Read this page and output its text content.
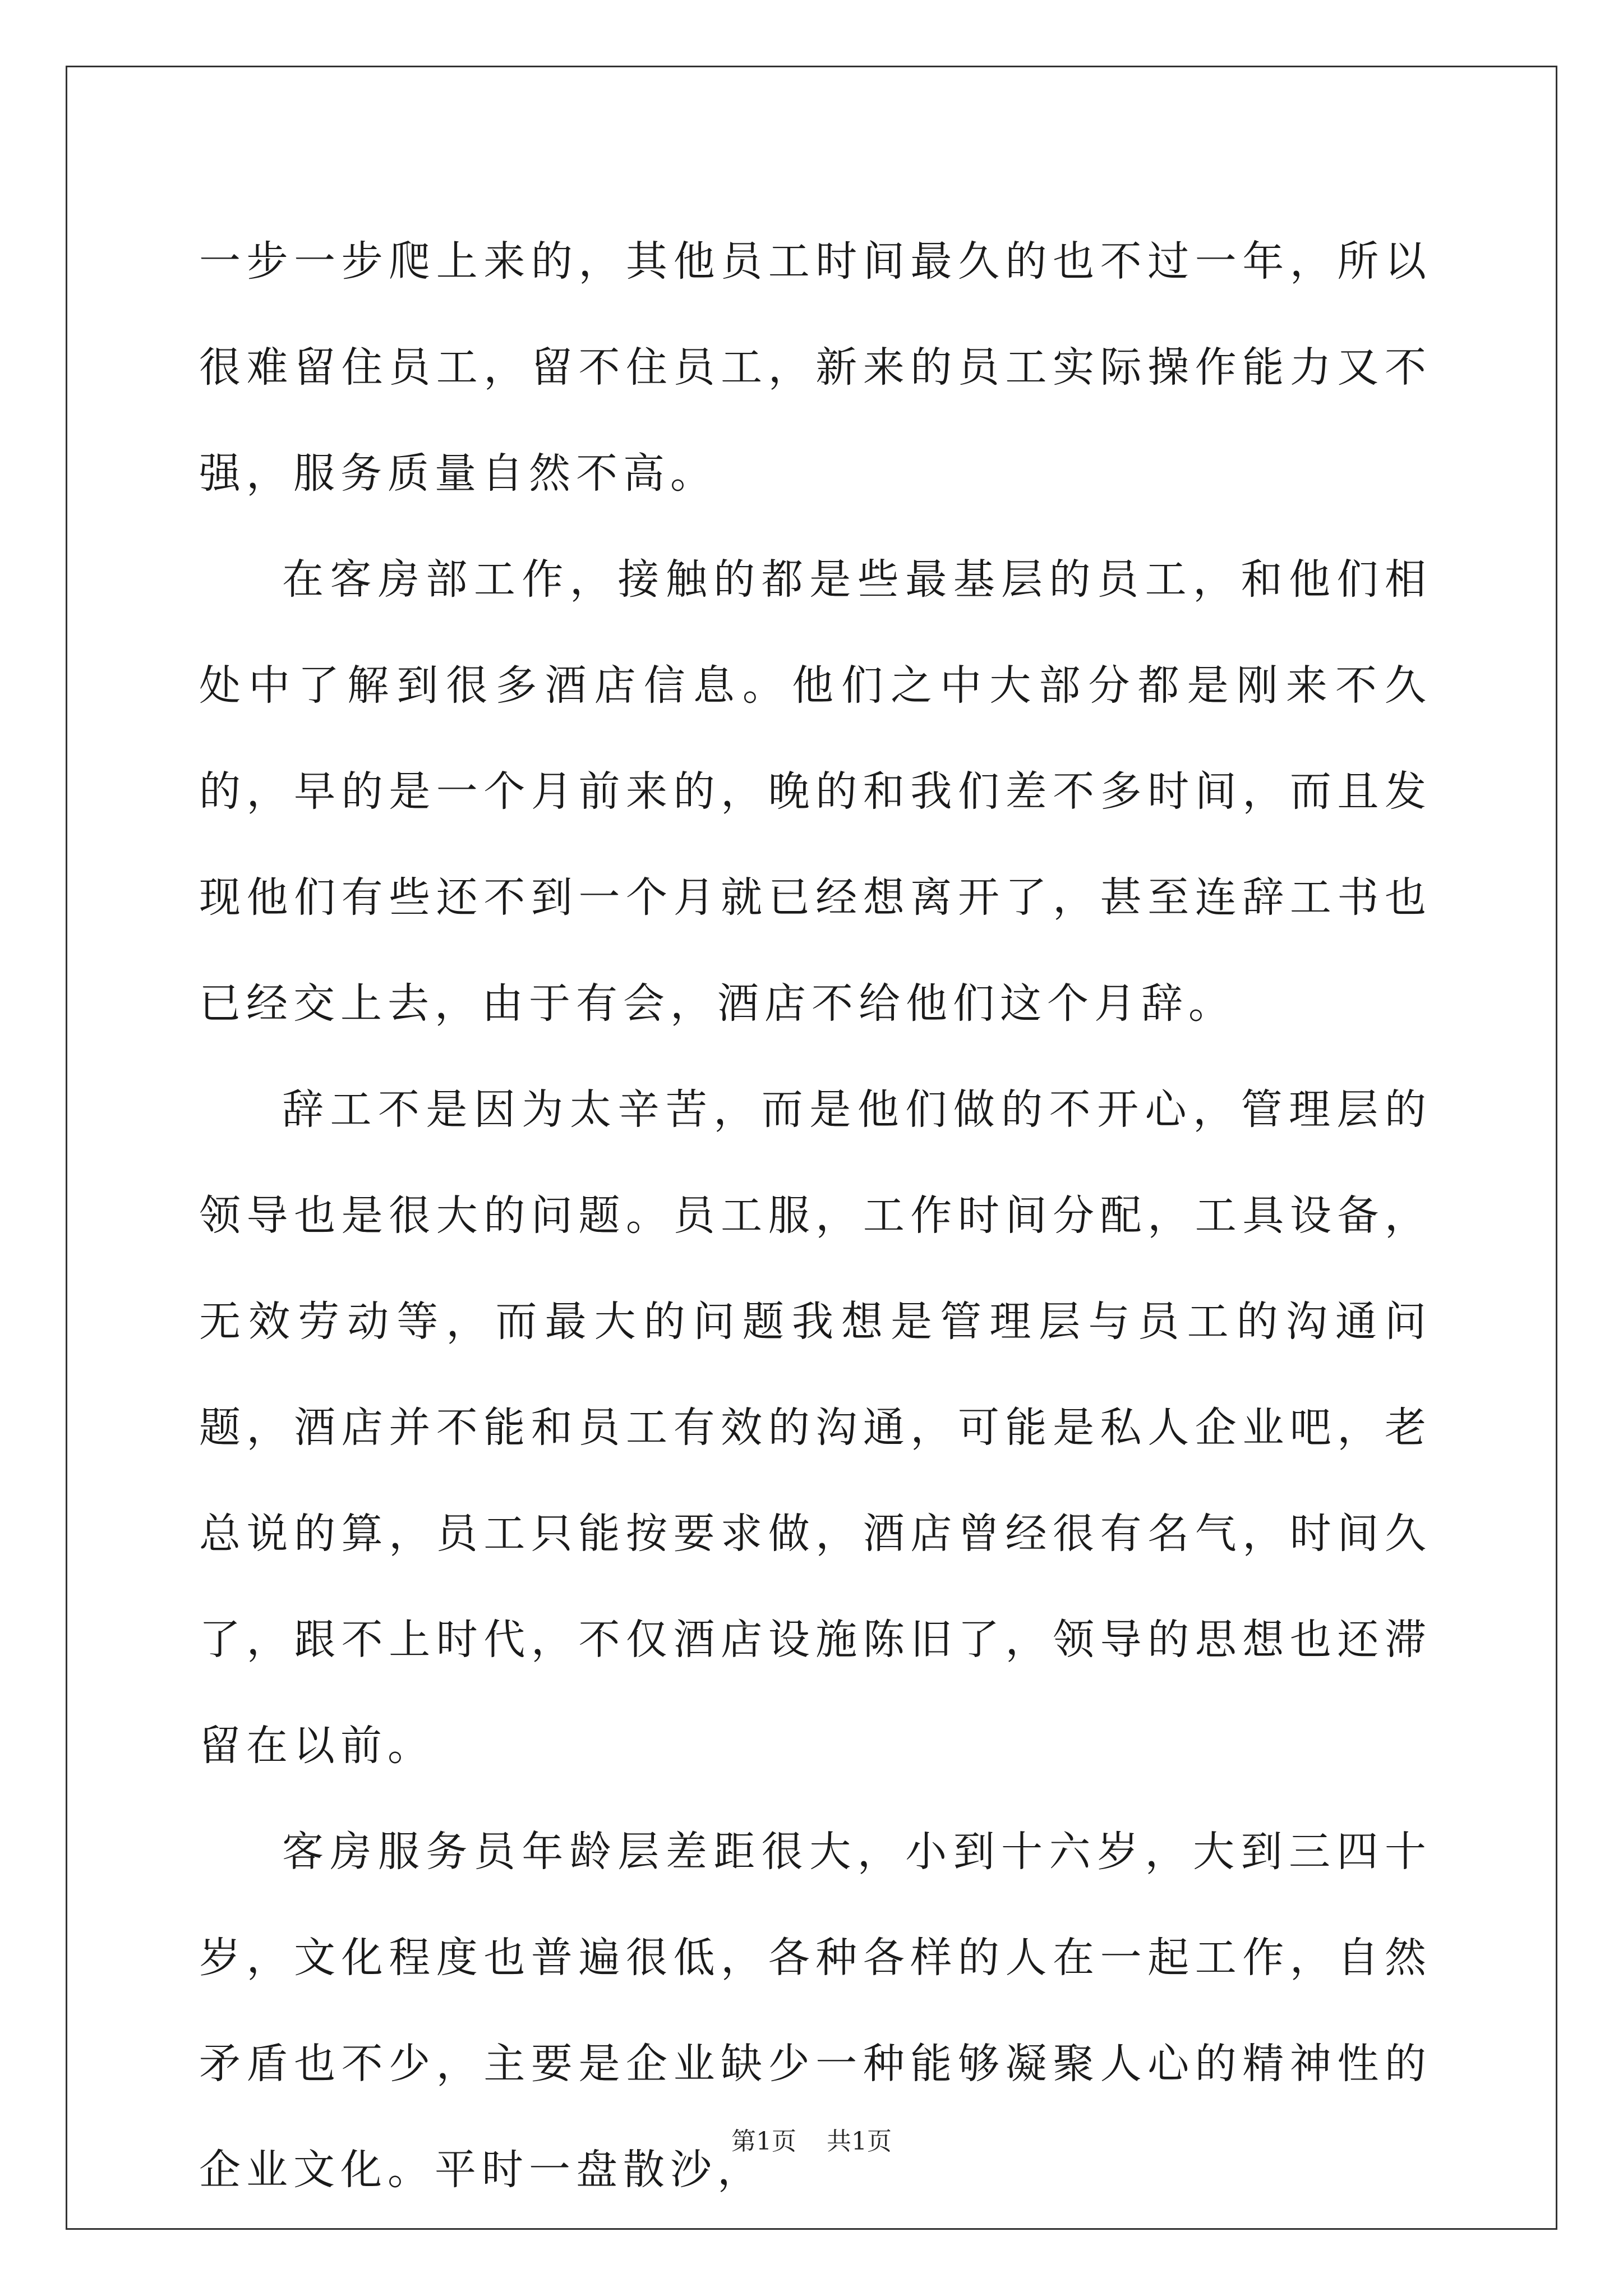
一步一步爬上来的，其他员工时间最久的也不过一年，所以很难留住员工，留不住员工，新来的员工实际操作能力又不强，服务质量自然不高。

在客房部工作，接触的都是些最基层的员工，和他们相处中了解到很多酒店信息。他们之中大部分都是刚来不久的，早的是一个月前来的，晚的和我们差不多时间，而且发现他们有些还不到一个月就已经想离开了，甚至连辞工书也已经交上去，由于有会，酒店不给他们这个月辞。

辞工不是因为太辛苦，而是他们做的不开心，管理层的领导也是很大的问题。员工服，工作时间分配，工具设备，无效劳动等，而最大的问题我想是管理层与员工的沟通问题，酒店并不能和员工有效的沟通，可能是私人企业吧，老总说的算，员工只能按要求做，酒店曾经很有名气，时间久了，跟不上时代，不仅酒店设施陈旧了，领导的思想也还滞留在以前。

客房服务员年龄层差距很大，小到十六岁，大到三四十岁，文化程度也普遍很低，各种各样的人在一起工作，自然矛盾也不少，主要是企业缺少一种能够凝聚人心的精神性的企业文化。平时一盘散沙，

第1页 共1页
